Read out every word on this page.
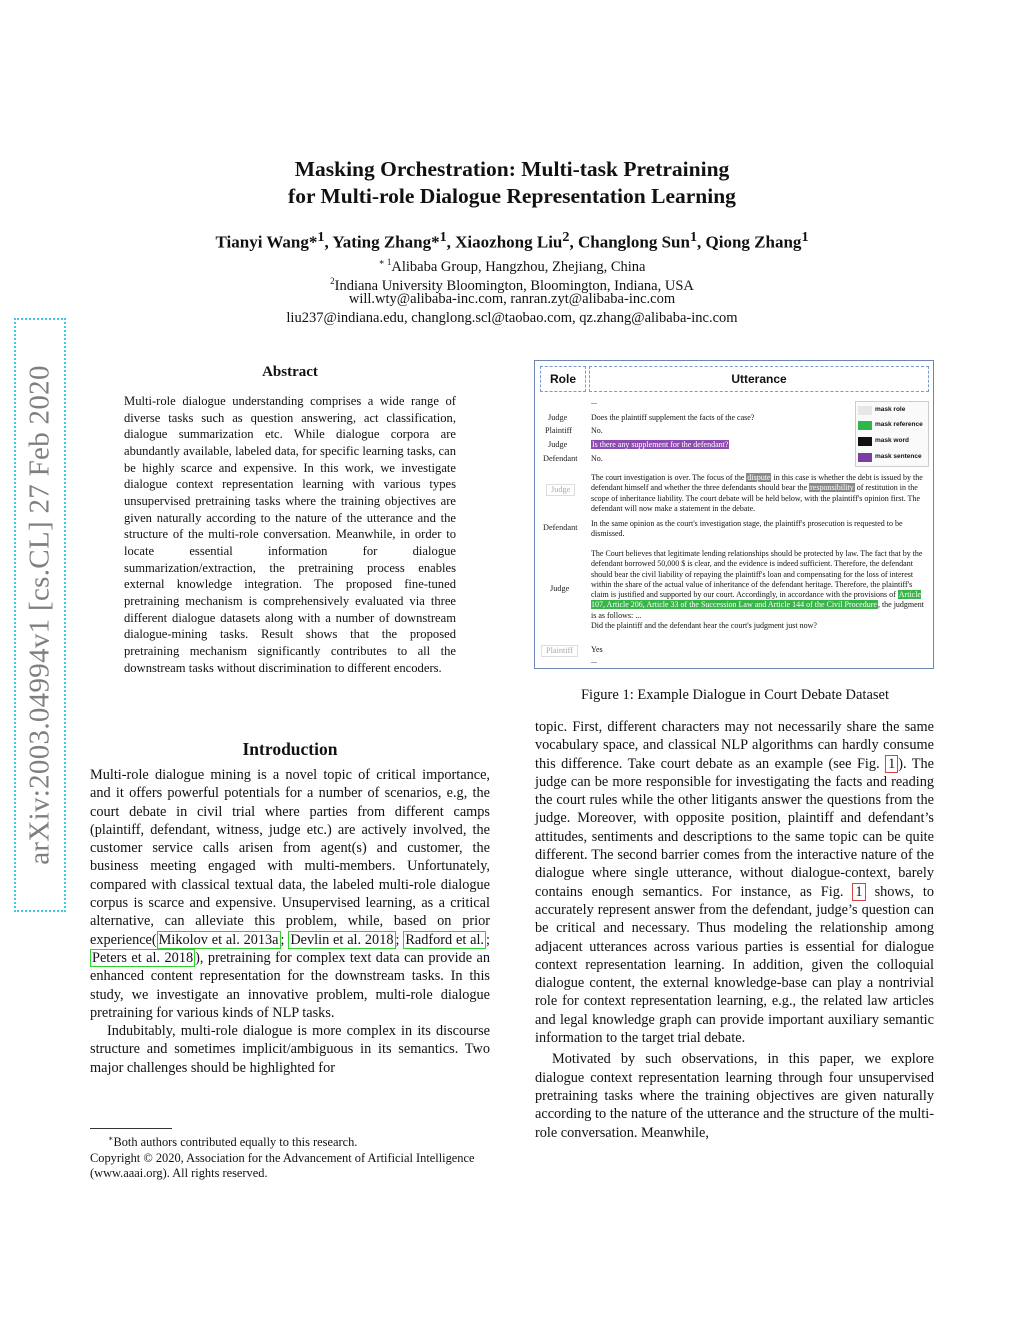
arXiv:2003.04994v1 [cs.CL] 27 Feb 2020
Masking Orchestration: Multi-task Pretraining
for Multi-role Dialogue Representation Learning
Tianyi Wang*$^1$, Yating Zhang*$^1$, Xiaozhong Liu$^2$, Changlong Sun$^1$, Qiong Zhang$^1$
$^{∗ 1}$Alibaba Group, Hangzhou, Zhejiang, China
$^2$Indiana University Bloomington, Bloomington, Indiana, USA
will.wty@alibaba-inc.com, ranran.zyt@alibaba-inc.com
liu237@indiana.edu, changlong.scl@taobao.com, qz.zhang@alibaba-inc.com
Abstract
Multi-role dialogue understanding comprises a wide range of diverse tasks such as question answering, act classification, dialogue summarization etc. While dialogue corpora are abundantly available, labeled data, for specific learning tasks, can be highly scarce and expensive. In this work, we investigate dialogue context representation learning with various types unsupervised pretraining tasks where the training objectives are given naturally according to the nature of the utterance and the structure of the multi-role conversation. Meanwhile, in order to locate essential information for dialogue summarization/extraction, the pretraining process enables external knowledge integration. The proposed fine-tuned pretraining mechanism is comprehensively evaluated via three different dialogue datasets along with a number of downstream dialogue-mining tasks. Result shows that the proposed pretraining mechanism significantly contributes to all the downstream tasks without discrimination to different encoders.
Introduction

Multi-role dialogue mining is a novel topic of critical importance, and it offers powerful potentials for a number of scenarios, e.g, the court debate in civil trial where parties from different camps (plaintiff, defendant, witness, judge etc.) are actively involved, the customer service calls arisen from agent(s) and customer, the business meeting engaged with multi-members. Unfortunately, compared with classical textual data, the labeled multi-role dialogue corpus is scarce and expensive. Unsupervised learning, as a critical alternative, can alleviate this problem, while, based on prior experience( Mikolov et al. 2013a ; Devlin et al. 2018 ; Radford et al. ; Peters et al. 2018 ), pretraining for complex text data can provide an enhanced content representation for the downstream tasks. In this study, we investigate an innovative problem, multi-role dialogue pretraining for various kinds of NLP tasks.

Indubitably, multi-role dialogue is more complex in its discourse structure and sometimes implicit/ambiguous in its semantics. Two major challenges should be highlighted for

∗Both authors contributed equally to this research.
Copyright © 2020, Association for the Advancement of Artificial Intelligence (www.aaai.org). All rights reserved.
Role	Utterance
mask role
mask reference
mask word
mask sentence
...
Judge	Does the plaintiff supplement the facts of the case?
Plaintiff No.
Judge	Is there any supplement for the defendant?
Defendant No.
Judge
The court investigation is over. The focus of the dispute in this case is whether the debt is issued by the defendant himself and whether the three defendants should bear the responsibility of restitution in the scope of inheritance liability. The court debate will be held below, with the plaintiff's opinion first. The defendant will now make a statement in the debate.
Defendant In the same opinion as the court's investigation stage, the plaintiff's prosecution is requested to be dismissed.
Judge
The Court believes that legitimate lending relationships should be protected by law. The fact that by the defendant borrowed 50,000 $ is clear, and the evidence is indeed sufficient. Therefore, the defendant should bear the civil liability of repaying the plaintiff's loan and compensating for the loss of interest within the share of the actual value of inheritance of the defendant heritage. Therefore, the plaintiff's claim is justified and supported by our court. Accordingly, in accordance with the provisions of Article 107, Article 206, Article 33 of the Succession Law and Article 144 of the Civil Procedure, the judgment is as follows: ...
Did the plaintiff and the defendant hear the court's judgment just now?
Plaintiff	Yes
...
Figure 1: Example Dialogue in Court Debate Dataset

topic. First, different characters may not necessarily share the same vocabulary space, and classical NLP algorithms can hardly consume this difference. Take court debate as an example (see Fig. 1 ). The judge can be more responsible for investigating the facts and reading the court rules while the other litigants answer the questions from the judge. Moreover, with opposite position, plaintiff and defendant’s attitudes, sentiments and descriptions to the same topic can be quite different. The second barrier comes from the interactive nature of the dialogue where single utterance, without dialogue-context, barely contains enough semantics. For instance, as Fig. 1 shows, to accurately represent answer from the defendant, judge’s question can be critical and necessary. Thus modeling the relationship among adjacent utterances across various parties is essential for dialogue context representation learning. In addition, given the colloquial dialogue content, the external knowledge-base can play a nontrivial role for context representation learning, e.g., the related law articles and legal knowledge graph can provide important auxiliary semantic information to the target trial debate.

Motivated by such observations, in this paper, we explore dialogue context representation learning through four unsupervised pretraining tasks where the training objectives are given naturally according to the nature of the utterance and the structure of the multi-role conversation. Meanwhile,
